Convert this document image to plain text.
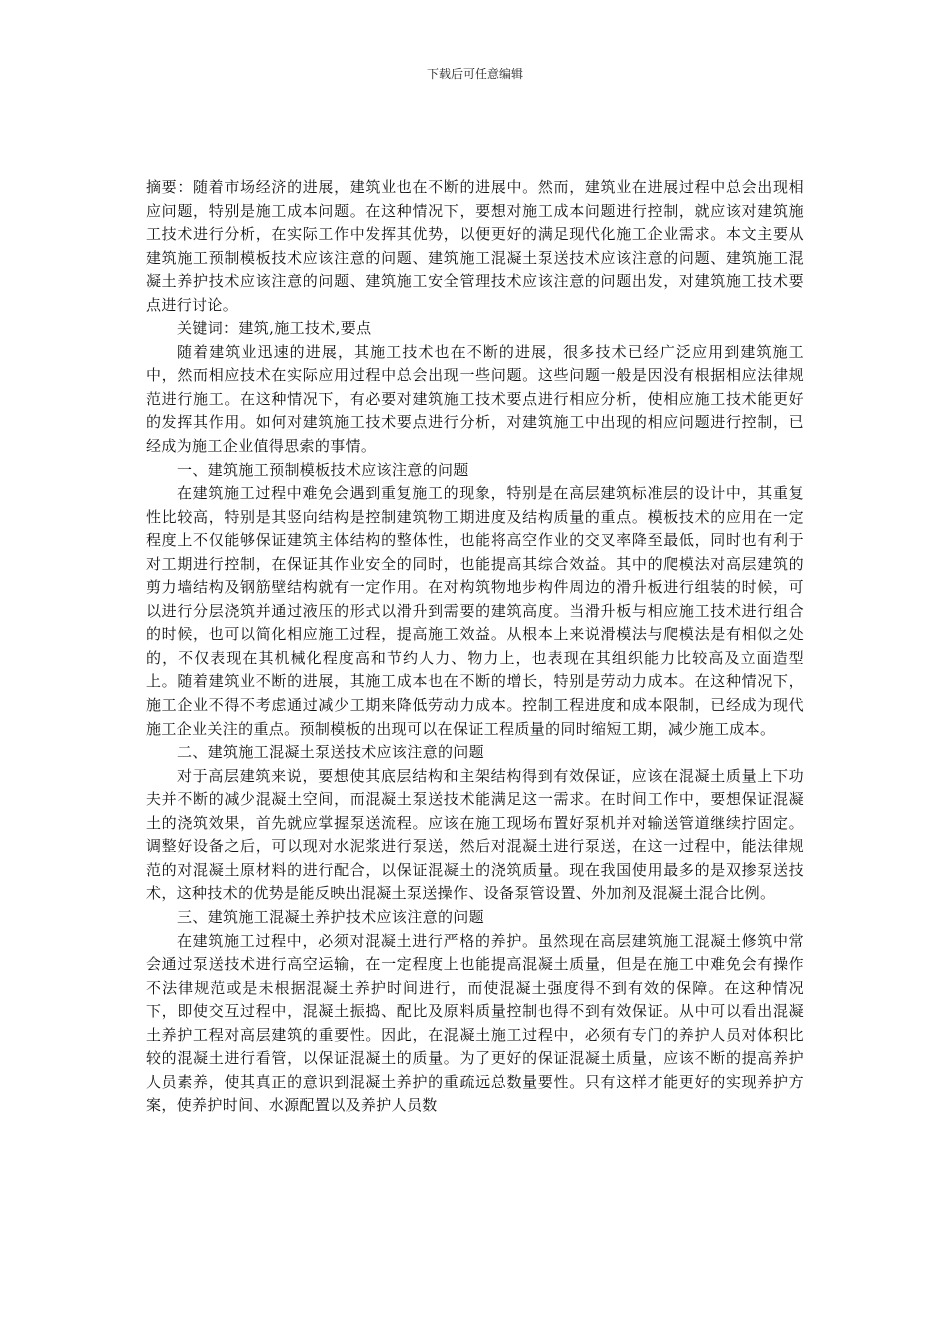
下载后可任意编辑

摘要：随着市场经济的进展，建筑业也在不断的进展中。然而，建筑业在进展过程中总会出现相应问题，特别是施工成本问题。在这种情况下，要想对施工成本问题进行控制，就应该对建筑施工技术进行分析，在实际工作中发挥其优势，以便更好的满足现代化施工企业需求。本文主要从建筑施工预制模板技术应该注意的问题、建筑施工混凝土泵送技术应该注意的问题、建筑施工混凝土养护技术应该注意的问题、建筑施工安全管理技术应该注意的问题出发，对建筑施工技术要点进行讨论。

关键词：建筑,施工技术,要点

随着建筑业迅速的进展，其施工技术也在不断的进展，很多技术已经广泛应用到建筑施工中，然而相应技术在实际应用过程中总会出现一些问题。这些问题一般是因没有根据相应法律规范进行施工。在这种情况下，有必要对建筑施工技术要点进行相应分析，使相应施工技术能更好的发挥其作用。如何对建筑施工技术要点进行分析，对建筑施工中出现的相应问题进行控制，已经成为施工企业值得思索的事情。

一、建筑施工预制模板技术应该注意的问题

在建筑施工过程中难免会遇到重复施工的现象，特别是在高层建筑标准层的设计中，其重复性比较高，特别是其竖向结构是控制建筑物工期进度及结构质量的重点。模板技术的应用在一定程度上不仅能够保证建筑主体结构的整体性，也能将高空作业的交叉率降至最低，同时也有利于对工期进行控制，在保证其作业安全的同时，也能提高其综合效益。其中的爬模法对高层建筑的剪力墙结构及钢筋壁结构就有一定作用。在对构筑物地步构件周边的滑升板进行组装的时候，可以进行分层浇筑并通过液压的形式以滑升到需要的建筑高度。当滑升板与相应施工技术进行组合的时候，也可以简化相应施工过程，提高施工效益。从根本上来说滑模法与爬模法是有相似之处的，不仅表现在其机械化程度高和节约人力、物力上，也表现在其组织能力比较高及立面造型上。随着建筑业不断的进展，其施工成本也在不断的增长，特别是劳动力成本。在这种情况下，施工企业不得不考虑通过减少工期来降低劳动力成本。控制工程进度和成本限制，已经成为现代施工企业关注的重点。预制模板的出现可以在保证工程质量的同时缩短工期，减少施工成本。

二、建筑施工混凝土泵送技术应该注意的问题

对于高层建筑来说，要想使其底层结构和主架结构得到有效保证，应该在混凝土质量上下功夫并不断的减少混凝土空间，而混凝土泵送技术能满足这一需求。在时间工作中，要想保证混凝土的浇筑效果，首先就应掌握泵送流程。应该在施工现场布置好泵机并对输送管道继续拧固定。调整好设备之后，可以现对水泥浆进行泵送，然后对混凝土进行泵送，在这一过程中，能法律规范的对混凝土原材料的进行配合，以保证混凝土的浇筑质量。现在我国使用最多的是双掺泵送技术，这种技术的优势是能反映出混凝土泵送操作、设备泵管设置、外加剂及混凝土混合比例。

三、建筑施工混凝土养护技术应该注意的问题

在建筑施工过程中，必须对混凝土进行严格的养护。虽然现在高层建筑施工混凝土修筑中常会通过泵送技术进行高空运输，在一定程度上也能提高混凝土质量，但是在施工中难免会有操作不法律规范或是未根据混凝土养护时间进行，而使混凝土强度得不到有效的保障。在这种情况下，即使交互过程中，混凝土振捣、配比及原料质量控制也得不到有效保证。从中可以看出混凝土养护工程对高层建筑的重要性。因此，在混凝土施工过程中，必须有专门的养护人员对体积比较的混凝土进行看管，以保证混凝土的质量。为了更好的保证混凝土质量，应该不断的提高养护人员素养，使其真正的意识到混凝土养护的重疏远总数量要性。只有这样才能更好的实现养护方案，使养护时间、水源配置以及养护人员数
